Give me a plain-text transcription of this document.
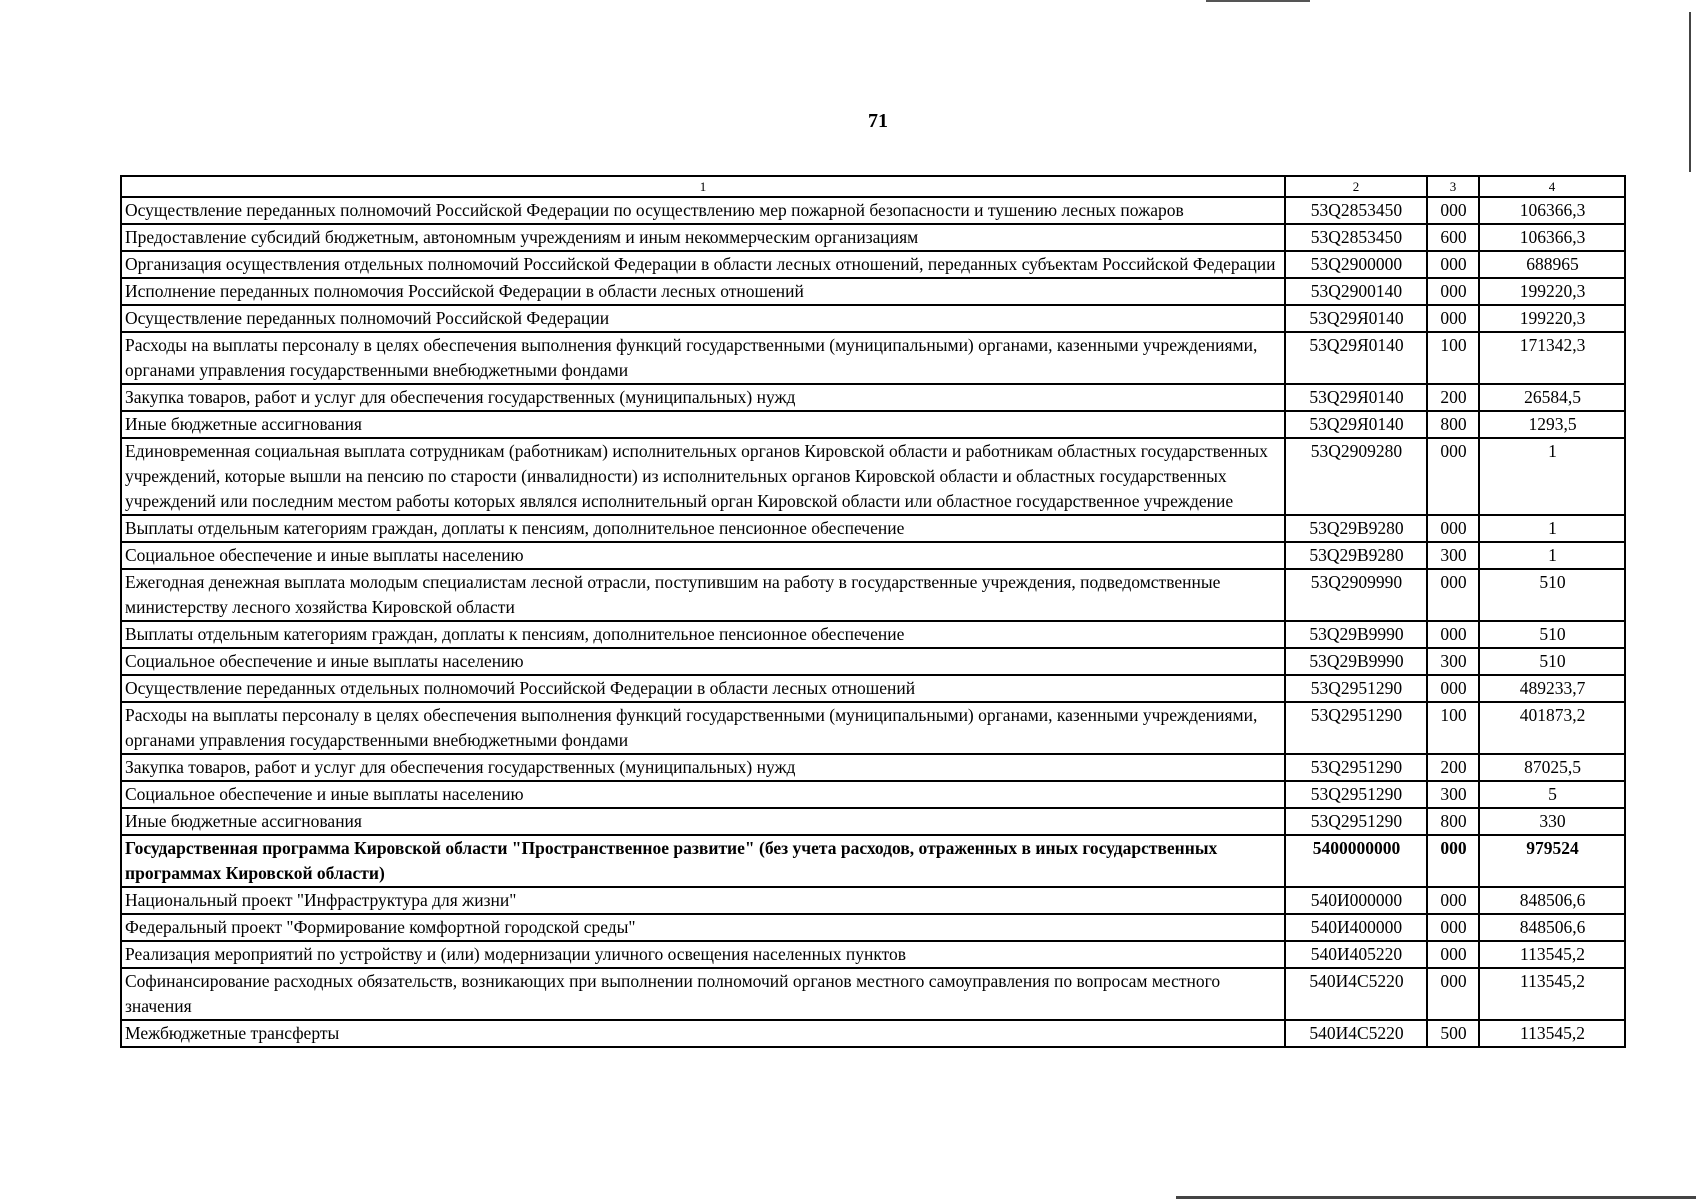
71
1	2	3	4
Осуществление переданных полномочий Российской Федерации по осуществлению мер пожарной безопасности и тушению лесных пожаров	53Q2853450	000	106366,3
Предоставление субсидий бюджетным, автономным учреждениям и иным некоммерческим организациям	53Q2853450	600	106366,3
Организация осуществления отдельных полномочий Российской Федерации в области лесных отношений, переданных субъектам Российской Федерации	53Q2900000	000	688965
Исполнение переданных полномочия Российской Федерации в области лесных отношений	53Q2900140	000	199220,3
Осуществление переданных полномочий Российской Федерации	53Q29Я0140	000	199220,3
Расходы на выплаты персоналу в целях обеспечения выполнения функций государственными (муниципальными) органами, казенными учреждениями, органами управления государственными внебюджетными фондами	53Q29Я0140	100	171342,3
Закупка товаров, работ и услуг для обеспечения государственных (муниципальных) нужд	53Q29Я0140	200	26584,5
Иные бюджетные ассигнования	53Q29Я0140	800	1293,5
Единовременная социальная выплата сотрудникам (работникам) исполнительных органов Кировской области и работникам областных государственных учреждений, которые вышли на пенсию по старости (инвалидности) из исполнительных органов Кировской области и областных государственных учреждений или последним местом работы которых являлся исполнительный орган Кировской области или областное государственное учреждение	53Q2909280	000	1
Выплаты отдельным категориям граждан, доплаты к пенсиям, дополнительное пенсионное обеспечение	53Q29B9280	000	1
Социальное обеспечение и иные выплаты населению	53Q29B9280	300	1
Ежегодная денежная выплата молодым специалистам лесной отрасли, поступившим на работу в государственные учреждения, подведомственные министерству лесного хозяйства Кировской области	53Q2909990	000	510
Выплаты отдельным категориям граждан, доплаты к пенсиям, дополнительное пенсионное обеспечение	53Q29B9990	000	510
Социальное обеспечение и иные выплаты населению	53Q29B9990	300	510
Осуществление переданных отдельных полномочий Российской Федерации в области лесных отношений	53Q2951290	000	489233,7
Расходы на выплаты персоналу в целях обеспечения выполнения функций государственными (муниципальными) органами, казенными учреждениями, органами управления государственными внебюджетными фондами	53Q2951290	100	401873,2
Закупка товаров, работ и услуг для обеспечения государственных (муниципальных) нужд	53Q2951290	200	87025,5
Социальное обеспечение и иные выплаты населению	53Q2951290	300	5
Иные бюджетные ассигнования	53Q2951290	800	330
Государственная программа Кировской области "Пространственное развитие" (без учета расходов, отраженных в иных государственных программах Кировской области)	5400000000	000	979524
Национальный проект "Инфраструктура для жизни"	540И000000	000	848506,6
Федеральный проект "Формирование комфортной городской среды"	540И400000	000	848506,6
Реализация мероприятий по устройству и (или) модернизации уличного освещения населенных пунктов	540И405220	000	113545,2
Софинансирование расходных обязательств, возникающих при выполнении полномочий органов местного самоуправления по вопросам местного значения	540И4С5220	000	113545,2
Межбюджетные трансферты	540И4С5220	500	113545,2
